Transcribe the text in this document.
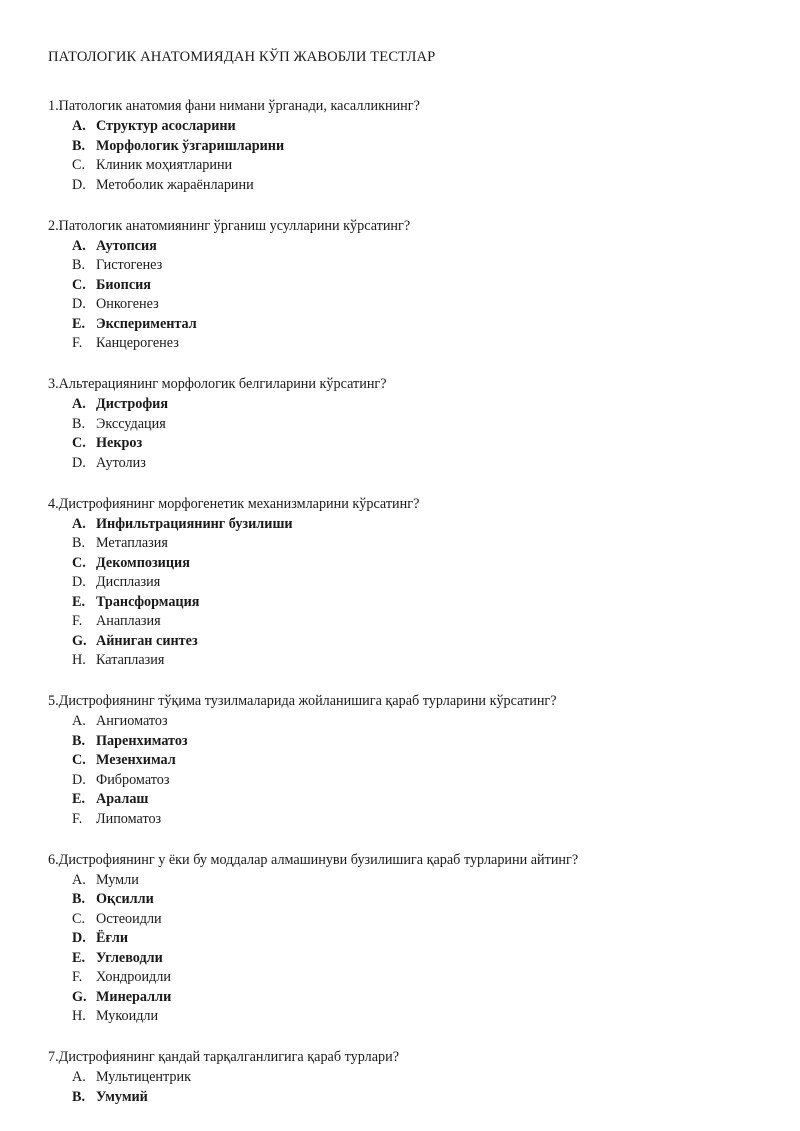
ПАТОЛОГИК АНАТОМИЯДАН КЎП ЖАВОБЛИ ТЕСТЛАР
1.Патологик анатомия фани нимани ўрганади, касалликнинг?
A. Структур асосларини
B. Морфологик ўзгаришларини
C. Клиник моҳиятларини
D. Метоболик жараёнларини
2.Патологик анатомиянинг ўрганиш усулларини кўрсатинг?
A. Аутопсия
B. Гистогенез
C. Биопсия
D. Онкогенез
E. Экспериментал
F. Канцерогенез
3.Альтерациянинг морфологик белгиларини кўрсатинг?
A. Дистрофия
B. Экссудация
C. Некроз
D. Аутолиз
4.Дистрофиянинг морфогенетик механизмларини кўрсатинг?
A. Инфильтрациянинг бузилиши
B. Метаплазия
C. Декомпозиция
D. Дисплазия
E. Трансформация
F. Анаплазия
G. Айниган синтез
H. Катаплазия
5.Дистрофиянинг тўқима тузилмаларида жойланишига қараб турларини кўрсатинг?
A. Ангиоматоз
B. Паренхиматоз
C. Мезенхимал
D. Фиброматоз
E. Аралаш
F. Липоматоз
6.Дистрофиянинг у ёки бу моддалар алмашинуви бузилишига қараб турларини айтинг?
A. Мумли
B. Оқсилли
C. Остеоидли
D. Ёғли
E. Углеводли
F. Хондроидли
G. Минералли
H. Мукоидли
7.Дистрофиянинг қандай тарқалганлигига қараб турлари?
A. Мультицентрик
B. Умумий
